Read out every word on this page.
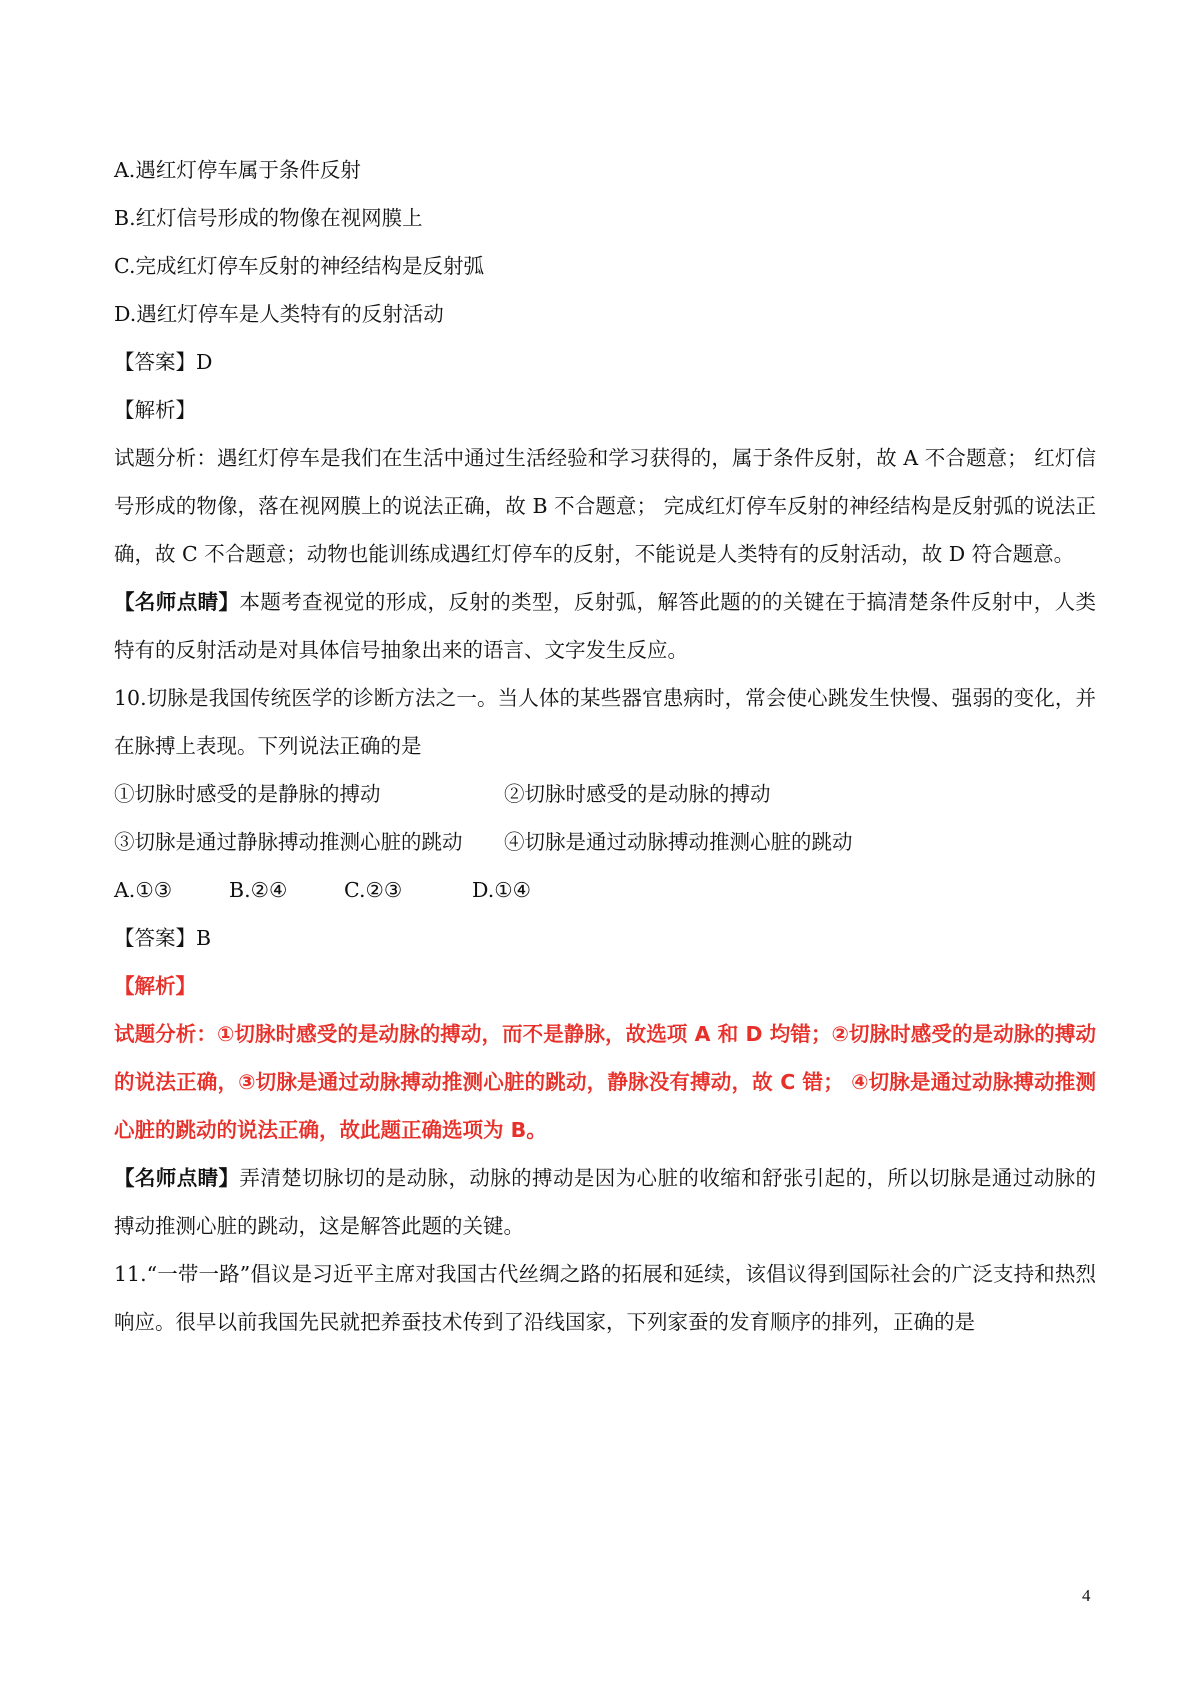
A.遇红灯停车属于条件反射
B.红灯信号形成的物像在视网膜上
C.完成红灯停车反射的神经结构是反射弧
D.遇红灯停车是人类特有的反射活动
【答案】D
【解析】
试题分析：遇红灯停车是我们在生活中通过生活经验和学习获得的，属于条件反射，故 A 不合题意； 红灯信号形成的物像，落在视网膜上的说法正确，故 B 不合题意； 完成红灯停车反射的神经结构是反射弧的说法正确，故 C 不合题意；动物也能训练成遇红灯停车的反射，不能说是人类特有的反射活动，故 D 符合题意。
【名师点睛】本题考查视觉的形成，反射的类型，反射弧，解答此题的的关键在于搞清楚条件反射中，人类特有的反射活动是对具体信号抽象出来的语言、文字发生反应。
10.切脉是我国传统医学的诊断方法之一。当人体的某些器官患病时，常会使心跳发生快慢、强弱的变化，并在脉搏上表现。下列说法正确的是
①切脉时感受的是静脉的搏动	②切脉时感受的是动脉的搏动
③切脉是通过静脉搏动推测心脏的跳动	④切脉是通过动脉搏动推测心脏的跳动
A.①③	B.②④	C.②③	D.①④
【答案】B
【解析】
试题分析：①切脉时感受的是动脉的搏动，而不是静脉，故选项 A 和 D 均错；②切脉时感受的是动脉的搏动的说法正确，③切脉是通过动脉搏动推测心脏的跳动，静脉没有搏动，故 C 错； ④切脉是通过动脉搏动推测心脏的跳动的说法正确，故此题正确选项为 B。
【名师点睛】弄清楚切脉切的是动脉，动脉的搏动是因为心脏的收缩和舒张引起的，所以切脉是通过动脉的搏动推测心脏的跳动，这是解答此题的关键。
11.“一带一路”倡议是习近平主席对我国古代丝绸之路的拓展和延续，该倡议得到国际社会的广泛支持和热烈响应。很早以前我国先民就把养蚕技术传到了沿线国家，下列家蚕的发育顺序的排列，正确的是
4
